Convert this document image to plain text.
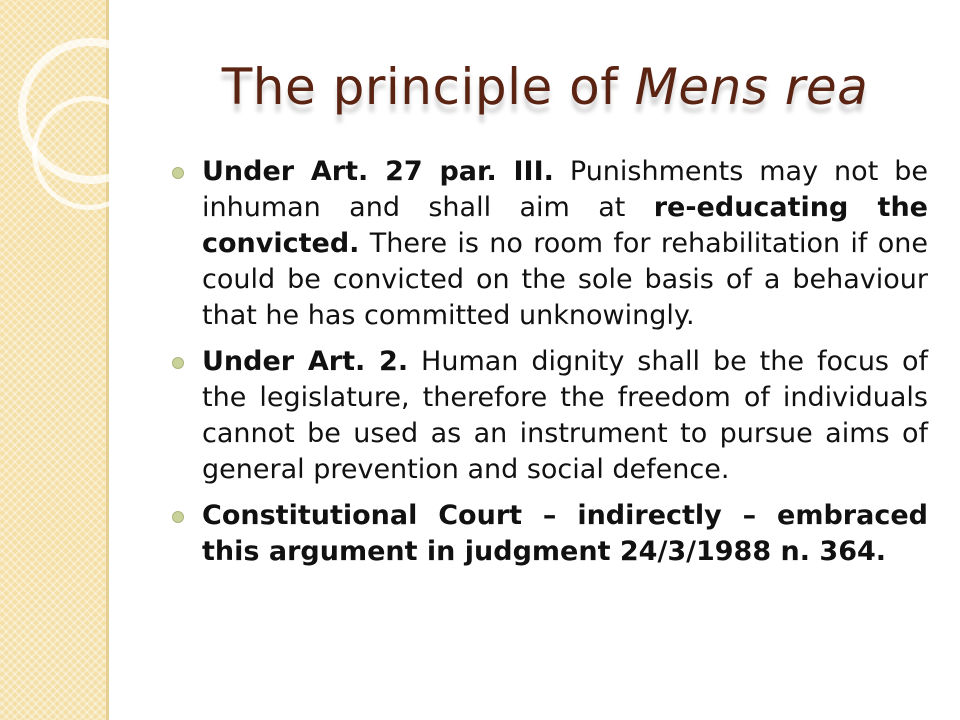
The principle of Mens rea
Under Art. 27 par. III. Punishments may not be inhuman and shall aim at re-educating the convicted. There is no room for rehabilitation if one could be convicted on the sole basis of a behaviour that he has committed unknowingly.
Under Art. 2. Human dignity shall be the focus of the legislature, therefore the freedom of individuals cannot be used as an instrument to pursue aims of general prevention and social defence.
Constitutional Court – indirectly – embraced this argument in judgment 24/3/1988 n. 364.
